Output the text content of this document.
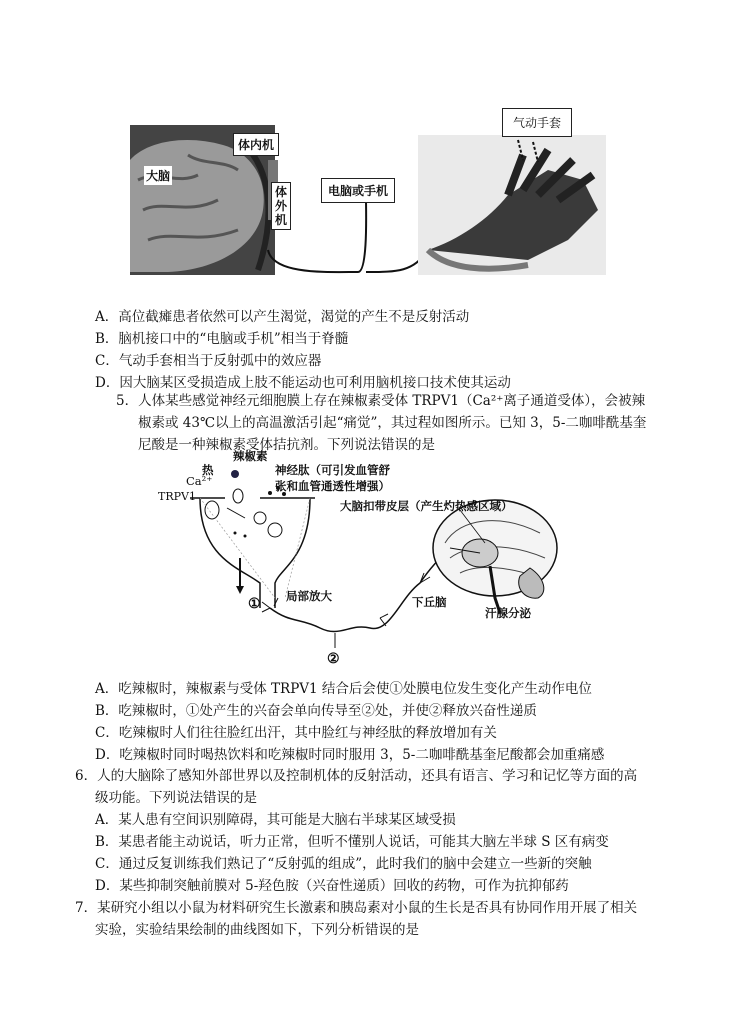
大脑
体内机
体
外
机
电脑或手机
气动手套
A．高位截瘫患者依然可以产生渴觉，渴觉的产生不是反射活动
B．脑机接口中的“电脑或手机”相当于脊髓
C．气动手套相当于反射弧中的效应器
D．因大脑某区受损造成上肢不能运动也可利用脑机接口技术使其运动
5．人体某些感觉神经元细胞膜上存在辣椒素受体 TRPV1（Ca²⁺离子通道受体），会被辣
椒素或 43℃以上的高温激活引起“痛觉”，其过程如图所示。已知 3，5-二咖啡酰基奎
尼酸是一种辣椒素受体拮抗剂。下列说法错误的是
辣椒素
热
Ca²⁺
TRPV1
神经肽（可引发血管舒
张和血管通透性增强）
大脑扣带皮层（产生灼热感区域）
局部放大	下丘脑
汗腺分泌
①
②
A．吃辣椒时，辣椒素与受体 TRPV1 结合后会使①处膜电位发生变化产生动作电位
B．吃辣椒时，①处产生的兴奋会单向传导至②处，并使②释放兴奋性递质
C．吃辣椒时人们往往脸红出汗，其中脸红与神经肽的释放增加有关
D．吃辣椒时同时喝热饮料和吃辣椒时同时服用 3，5-二咖啡酰基奎尼酸都会加重痛感
6．人的大脑除了感知外部世界以及控制机体的反射活动，还具有语言、学习和记忆等方面的高
级功能。下列说法错误的是
A．某人患有空间识别障碍，其可能是大脑右半球某区域受损
B．某患者能主动说话，听力正常，但听不懂别人说话，可能其大脑左半球 S 区有病变
C．通过反复训练我们熟记了“反射弧的组成”，此时我们的脑中会建立一些新的突触
D．某些抑制突触前膜对 5-羟色胺（兴奋性递质）回收的药物，可作为抗抑郁药
7．某研究小组以小鼠为材料研究生长激素和胰岛素对小鼠的生长是否具有协同作用开展了相关
实验，实验结果绘制的曲线图如下，下列分析错误的是
